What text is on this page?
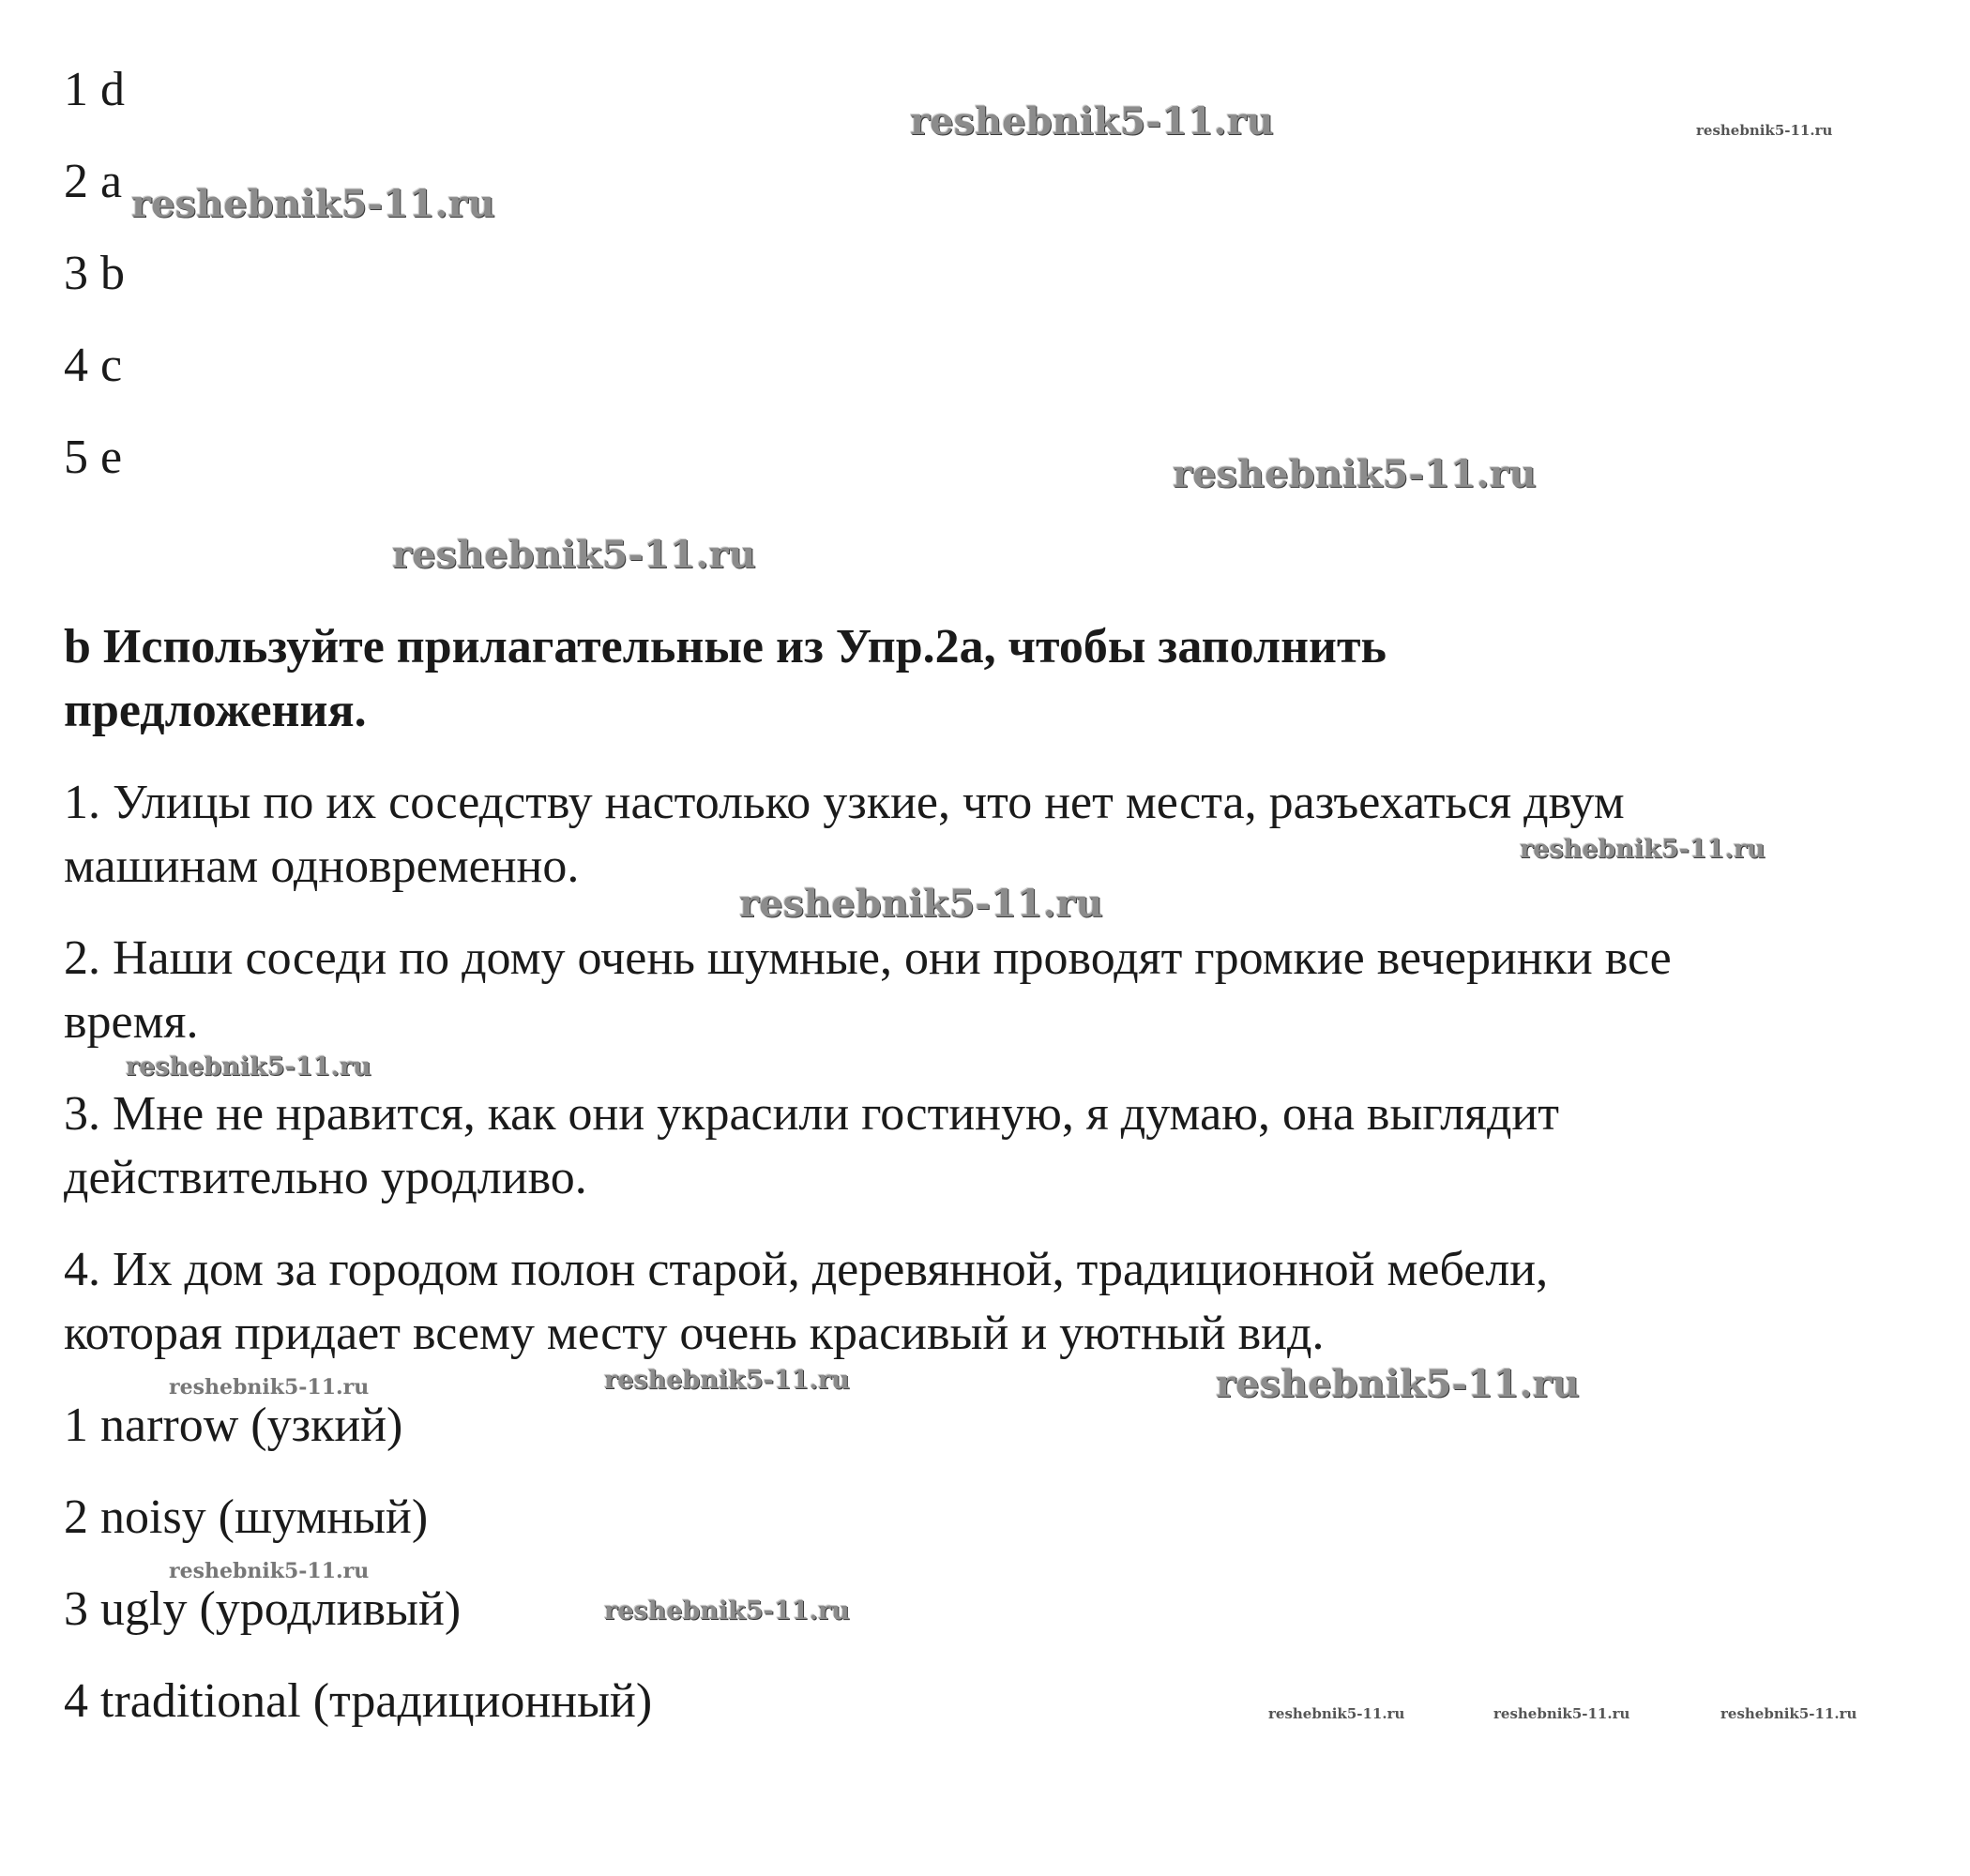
1 d
2 a
3 b
4 c
5 e
b Используйте прилагательные из Упр.2а, чтобы заполнить
предложения.
1. Улицы по их соседству настолько узкие, что нет места, разъехаться двум
машинам одновременно.
2. Наши соседи по дому очень шумные, они проводят громкие вечеринки все
время.
3. Мне не нравится, как они украсили гостиную, я думаю, она выглядит
действительно уродливо.
4. Их дом за городом полон старой, деревянной, традиционной мебели,
которая придает всему месту очень красивый и уютный вид.
1 narrow (узкий)
2 noisy (шумный)
3 ugly (уродливый)
4 traditional (традиционный)
reshebnik5-11.ru	reshebnik5-11.ru
reshebnik5-11.ru
reshebnik5-11.ru
reshebnik5-11.ru
reshebnik5-11.ru
reshebnik5-11.ru
reshebnik5-11.ru
reshebnik5-11.ru	reshebnik5-11.ru	reshebnik5-11.ru
reshebnik5-11.ru
reshebnik5-11.ru
reshebnik5-11.ru	reshebnik5-11.ru	reshebnik5-11.ru
